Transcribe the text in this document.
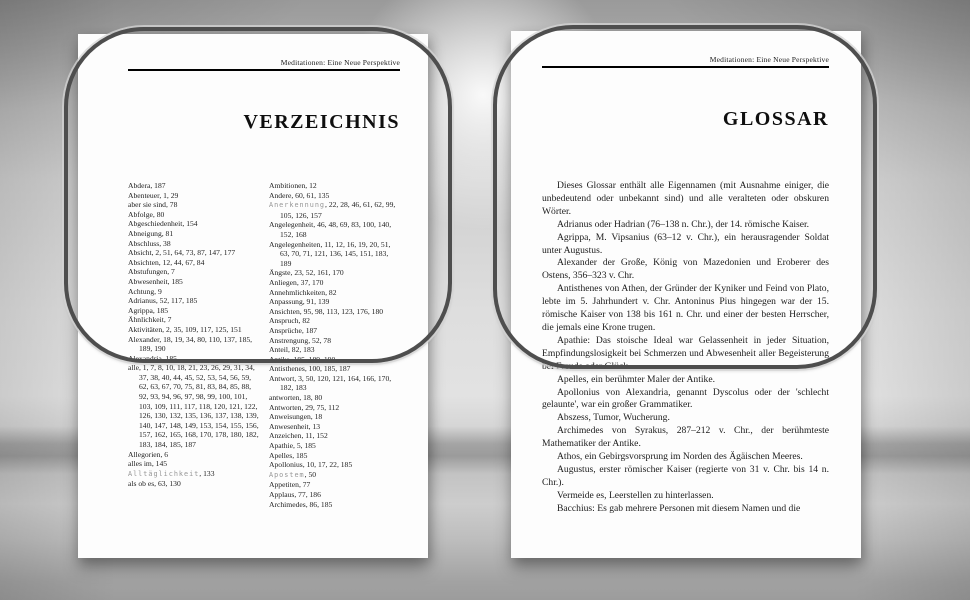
Meditationen: Eine Neue Perspektive
VERZEICHNIS
Abdera, 187
Abenteuer, 1, 29
aber sie sind, 78
Abfolge, 80
Abgeschiedenheit, 154
Abneigung, 81
Abschluss, 38
Absicht, 2, 51, 64, 73, 87, 147, 177
Absichten, 12, 44, 67, 84
Abstufungen, 7
Abwesenheit, 185
Achtung, 9
Adrianus, 52, 117, 185
Agrippa, 185
Ähnlichkeit, 7
Aktivitäten, 2, 35, 109, 117, 125, 151
Alexander, 18, 19, 34, 80, 110, 137, 185, 189, 190
Alexandria, 185
alle, 1, 7, 8, 10, 18, 21, 23, 26, 29, 31, 34, 37, 38, 40, 44, 45, 52, 53, 54, 56, 59, 62, 63, 67, 70, 75, 81, 83, 84, 85, 88, 92, 93, 94, 96, 97, 98, 99, 100, 101, 103, 109, 111, 117, 118, 120, 121, 122, 126, 130, 132, 135, 136, 137, 138, 139, 140, 147, 148, 149, 153, 154, 155, 156, 157, 162, 165, 168, 170, 178, 180, 182, 183, 184, 185, 187
Allegorien, 6
alles im, 145
Alltäglichkeit, 133
als ob es, 63, 130
Ambitionen, 12
Andere, 60, 61, 135
Anerkennung, 22, 28, 46, 61, 62, 99, 105, 126, 157
Angelegenheit, 46, 48, 69, 83, 100, 140, 152, 168
Angelegenheiten, 11, 12, 16, 19, 20, 51, 63, 70, 71, 121, 136, 145, 151, 183, 189
Ängste, 23, 52, 161, 170
Anliegen, 37, 170
Annehmlichkeiten, 82
Anpassung, 91, 139
Ansichten, 95, 98, 113, 123, 176, 180
Anspruch, 82
Ansprüche, 187
Anstrengung, 52, 78
Anteil, 82, 183
Antike, 185, 189, 190
Antisthenes, 100, 185, 187
Antwort, 3, 50, 120, 121, 164, 166, 170, 182, 183
antworten, 18, 80
Antworten, 29, 75, 112
Anweisungen, 18
Anwesenheit, 13
Anzeichen, 11, 152
Apathie, 5, 185
Apelles, 185
Apollonius, 10, 17, 22, 185
Apostem, 50
Appetiten, 77
Applaus, 77, 186
Archimedes, 86, 185
Meditationen: Eine Neue Perspektive
GLOSSAR

Dieses Glossar enthält alle Eigennamen (mit Ausnahme einiger, die unbedeutend oder unbekannt sind) und alle veralteten oder obskuren Wörter.

Adrianus oder Hadrian (76–138 n. Chr.), der 14. römische Kaiser.

Agrippa, M. Vipsanius (63–12 v. Chr.), ein herausragender Soldat unter Augustus.

Alexander der Große, König von Mazedonien und Eroberer des Ostens, 356–323 v. Chr.

Antisthenes von Athen, der Gründer der Kyniker und Feind von Plato, lebte im 5. Jahrhundert v. Chr. Antoninus Pius hingegen war der 15. römische Kaiser von 138 bis 161 n. Chr. und einer der besten Herrscher, die jemals eine Krone trugen.

Apathie: Das stoische Ideal war Gelassenheit in jeder Situation, Empfindungslosigkeit bei Schmerzen und Abwesenheit aller Begeisterung bei Freude oder Glück.

Apelles, ein berühmter Maler der Antike.

Apollonius von Alexandria, genannt Dyscolus oder der 'schlecht gelaunte', war ein großer Grammatiker.

Abszess, Tumor, Wucherung.

Archimedes von Syrakus, 287–212 v. Chr., der berühmteste Mathematiker der Antike.

Athos, ein Gebirgsvorsprung im Norden des Ägäischen Meeres.

Augustus, erster römischer Kaiser (regierte von 31 v. Chr. bis 14 n. Chr.).

Vermeide es, Leerstellen zu hinterlassen.

Bacchius: Es gab mehrere Personen mit diesem Namen und die
